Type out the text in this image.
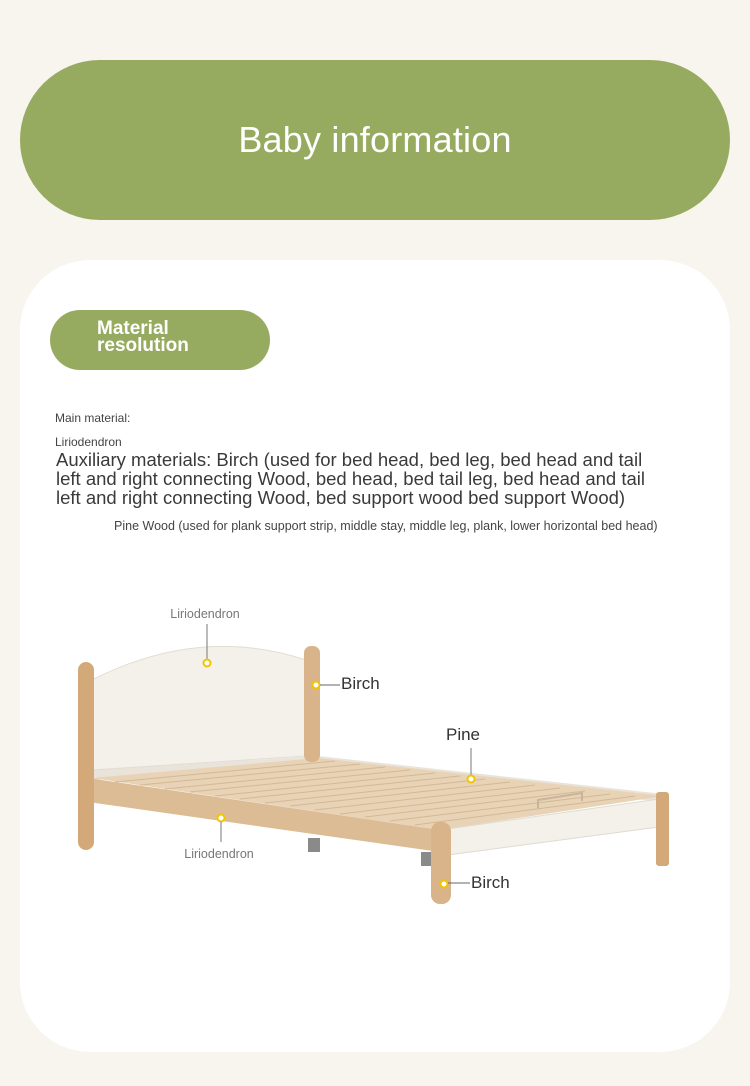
Baby information
Material resolution
Main material:
Liriodendron
Auxiliary materials: Birch (used for bed head, bed leg, bed head and tail left and right connecting Wood, bed head, bed tail leg, bed head and tail left and right connecting Wood, bed support wood bed support Wood)
Pine Wood (used for plank support strip, middle stay, middle leg, plank, lower horizontal bed head)
Liriodendron
Birch
Pine
Liriodendron
Birch
